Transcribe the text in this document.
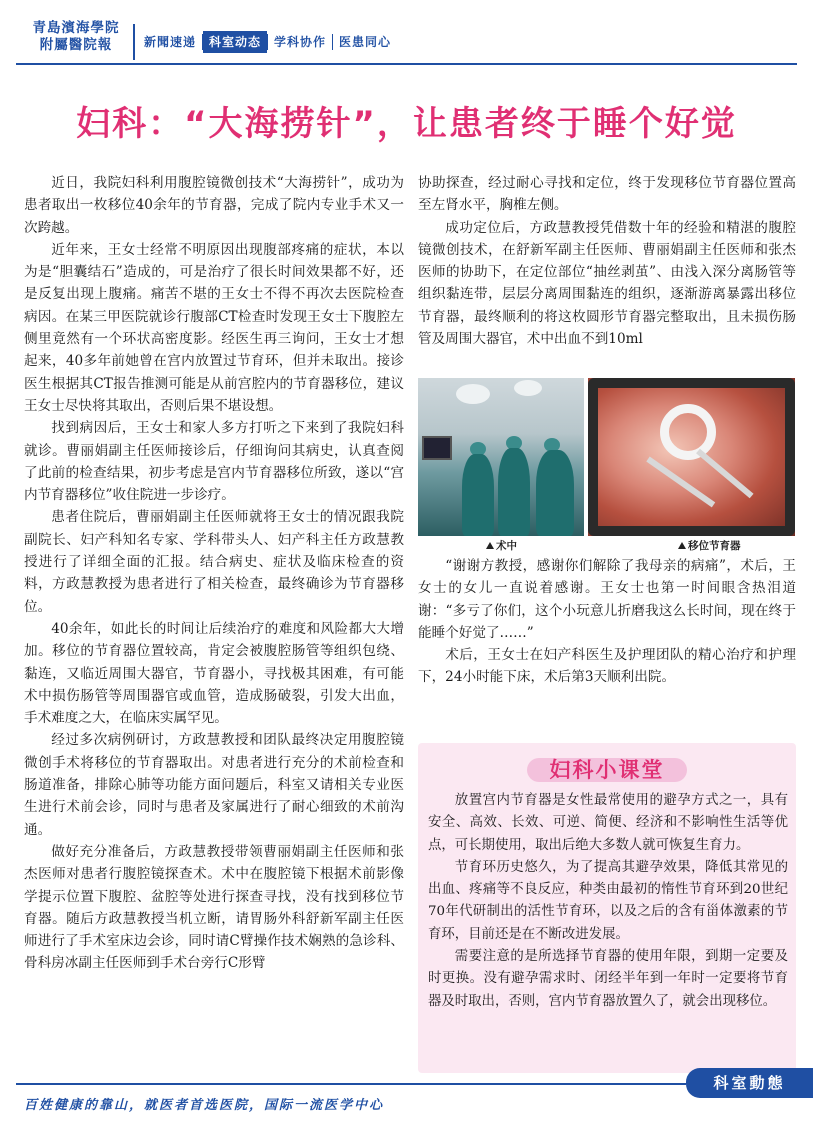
青島濱海學院
附屬醫院報	新聞速递	科室动态	学科协作	医患同心
妇科：“大海捞针”，让患者终于睡个好觉

近日，我院妇科利用腹腔镜微创技术“大海捞针”，成功为患者取出一枚移位40余年的节育器，完成了院内专业手术又一次跨越。

近年来，王女士经常不明原因出现腹部疼痛的症状，本以为是“胆囊结石”造成的，可是治疗了很长时间效果都不好，还是反复出现上腹痛。痛苦不堪的王女士不得不再次去医院检查病因。在某三甲医院就诊行腹部CT检查时发现王女士下腹腔左侧里竟然有一个环状高密度影。经医生再三询问，王女士才想起来，40多年前她曾在宫内放置过节育环，但并未取出。接诊医生根据其CT报告推测可能是从前宫腔内的节育器移位，建议王女士尽快将其取出，否则后果不堪设想。

找到病因后，王女士和家人多方打听之下来到了我院妇科就诊。曹丽娟副主任医师接诊后，仔细询问其病史，认真查阅了此前的检查结果，初步考虑是宫内节育器移位所致，遂以“宫内节育器移位”收住院进一步诊疗。

患者住院后，曹丽娟副主任医师就将王女士的情况跟我院副院长、妇产科知名专家、学科带头人、妇产科主任方政慧教授进行了详细全面的汇报。结合病史、症状及临床检查的资料，方政慧教授为患者进行了相关检查，最终确诊为节育器移位。

40余年，如此长的时间让后续治疗的难度和风险都大大增加。移位的节育器位置较高，肯定会被腹腔肠管等组织包绕、黏连，又临近周围大器官，节育器小，寻找极其困难，有可能术中损伤肠管等周围器官或血管，造成肠破裂，引发大出血，手术难度之大，在临床实属罕见。

经过多次病例研讨，方政慧教授和团队最终决定用腹腔镜微创手术将移位的节育器取出。对患者进行充分的术前检查和肠道准备，排除心肺等功能方面问题后，科室又请相关专业医生进行术前会诊，同时与患者及家属进行了耐心细致的术前沟通。

做好充分准备后，方政慧教授带领曹丽娟副主任医师和张杰医师对患者行腹腔镜探查术。术中在腹腔镜下根据术前影像学提示位置下腹腔、盆腔等处进行探查寻找，没有找到移位节育器。随后方政慧教授当机立断，请胃肠外科舒新军副主任医师进行了手术室床边会诊，同时请C臂操作技术娴熟的急诊科、骨科房冰副主任医师到手术台旁行C形臂

协助探查，经过耐心寻找和定位，终于发现移位节育器位置高至左肾水平，胸椎左侧。

成功定位后，方政慧教授凭借数十年的经验和精湛的腹腔镜微创技术，在舒新军副主任医师、曹丽娟副主任医师和张杰医师的协助下，在定位部位“抽丝剥茧”、由浅入深分离肠管等组织黏连带，层层分离周围黏连的组织，逐渐游离暴露出移位节育器，最终顺利的将这枚圆形节育器完整取出，且未损伤肠管及周围大器官，术中出血不到10ml

术中	移位节育器

“谢谢方教授，感谢你们解除了我母亲的病痛”，术后，王女士的女儿一直说着感谢。王女士也第一时间眼含热泪道谢：“多亏了你们，这个小玩意儿折磨我这么长时间，现在终于能睡个好觉了……”

术后，王女士在妇产科医生及护理团队的精心治疗和护理下，24小时能下床，术后第3天顺利出院。

妇科小课堂

放置宫内节育器是女性最常使用的避孕方式之一，具有安全、高效、长效、可逆、简便、经济和不影响性生活等优点，可长期使用，取出后绝大多数人就可恢复生育力。

节育环历史悠久，为了提高其避孕效果，降低其常见的出血、疼痛等不良反应，种类由最初的惰性节育环到20世纪70年代研制出的活性节育环，以及之后的含有甾体激素的节育环，目前还是在不断改进发展。

需要注意的是所选择节育器的使用年限，到期一定要及时更换。没有避孕需求时、闭经半年到一年时一定要将节育器及时取出，否则，宫内节育器放置久了，就会出现移位。

科室動態
百姓健康的靠山，就医者首选医院，国际一流医学中心
